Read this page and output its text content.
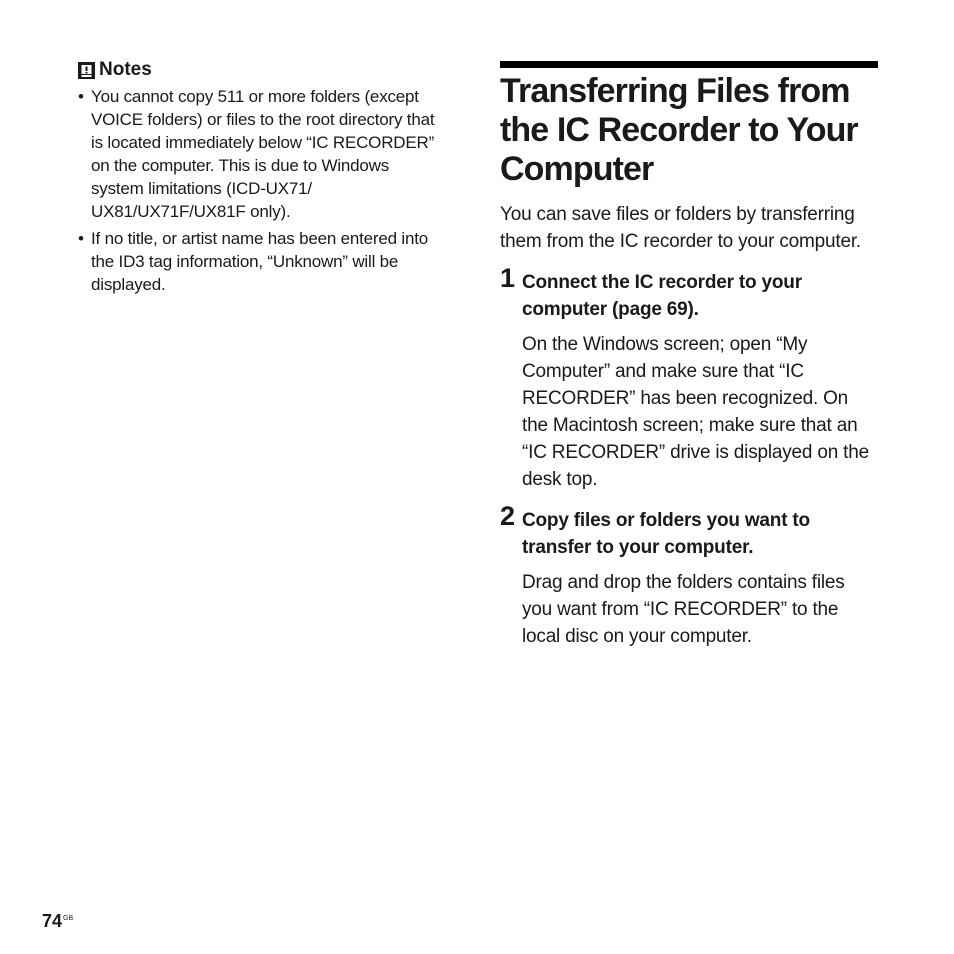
Notes
• You cannot copy 511 or more folders (except VOICE folders) or files to the root directory that is located immediately below “IC RECORDER” on the computer. This is due to Windows system limitations (ICD-UX71/ UX81/UX71F/UX81F only).
• If no title, or artist name has been entered into the ID3 tag information, “Unknown” will be displayed.
Transferring Files from the IC Recorder to Your Computer

You can save files or folders by transferring them from the IC recorder to your computer.

1 Connect the IC recorder to your computer (page 69).

On the Windows screen; open “My Computer” and make sure that “IC RECORDER” has been recognized. On the Macintosh screen; make sure that an “IC RECORDER” drive is displayed on the desk top.

2 Copy files or folders you want to transfer to your computer.

Drag and drop the folders contains files you want from “IC RECORDER” to the local disc on your computer.

$74^{GB}$
